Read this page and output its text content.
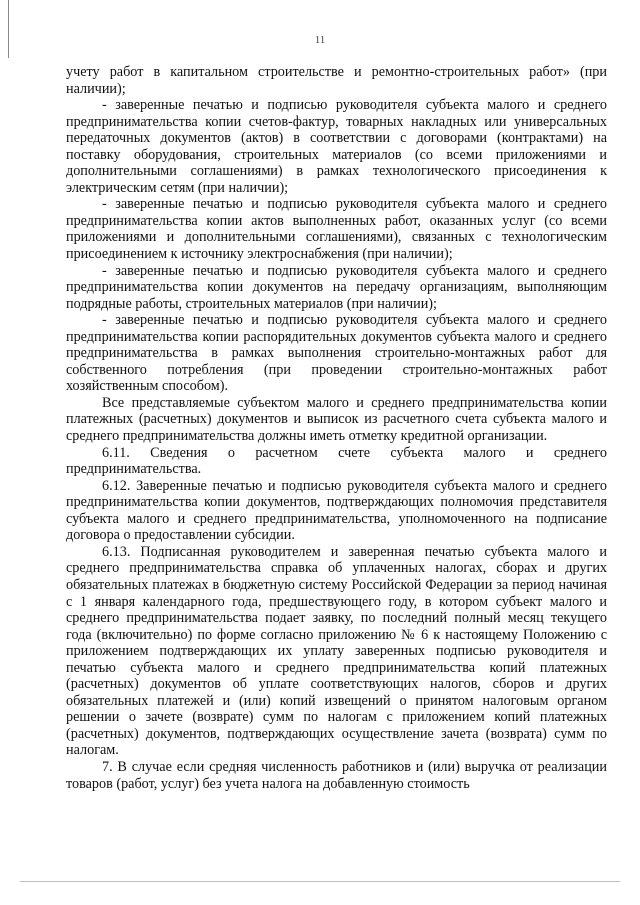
11

учету работ в капитальном строительстве и ремонтно-строительных работ» (при наличии);

- заверенные печатью и подписью руководителя субъекта малого и среднего предпринимательства копии счетов-фактур, товарных накладных или универсальных передаточных документов (актов) в соответствии с договорами (контрактами) на поставку оборудования, строительных материалов (со всеми приложениями и дополнительными соглашениями) в рамках технологического присоединения к электрическим сетям (при наличии);

- заверенные печатью и подписью руководителя субъекта малого и среднего предпринимательства копии актов выполненных работ, оказанных услуг (со всеми приложениями и дополнительными соглашениями), связанных с технологическим присоединением к источнику электроснабжения (при наличии);

- заверенные печатью и подписью руководителя субъекта малого и среднего предпринимательства копии документов на передачу организациям, выполняющим подрядные работы, строительных материалов (при наличии);

- заверенные печатью и подписью руководителя субъекта малого и среднего предпринимательства копии распорядительных документов субъекта малого и среднего предпринимательства в рамках выполнения строительно-монтажных работ для собственного потребления (при проведении строительно-монтажных работ хозяйственным способом).

Все представляемые субъектом малого и среднего предпринимательства копии платежных (расчетных) документов и выписок из расчетного счета субъекта малого и среднего предпринимательства должны иметь отметку кредитной организации.

6.11. Сведения о расчетном счете субъекта малого и среднего предпринимательства.

6.12. Заверенные печатью и подписью руководителя субъекта малого и среднего предпринимательства копии документов, подтверждающих полномочия представителя субъекта малого и среднего предпринимательства, уполномоченного на подписание договора о предоставлении субсидии.

6.13. Подписанная руководителем и заверенная печатью субъекта малого и среднего предпринимательства справка об уплаченных налогах, сборах и других обязательных платежах в бюджетную систему Российской Федерации за период начиная с 1 января календарного года, предшествующего году, в котором субъект малого и среднего предпринимательства подает заявку, по последний полный месяц текущего года (включительно) по форме согласно приложению № 6 к настоящему Положению с приложением подтверждающих их уплату заверенных подписью руководителя и печатью субъекта малого и среднего предпринимательства копий платежных (расчетных) документов об уплате соответствующих налогов, сборов и других обязательных платежей и (или) копий извещений о принятом налоговым органом решении о зачете (возврате) сумм по налогам с приложением копий платежных (расчетных) документов, подтверждающих осуществление зачета (возврата) сумм по налогам.

7. В случае если средняя численность работников и (или) выручка от реализации товаров (работ, услуг) без учета налога на добавленную стоимость
